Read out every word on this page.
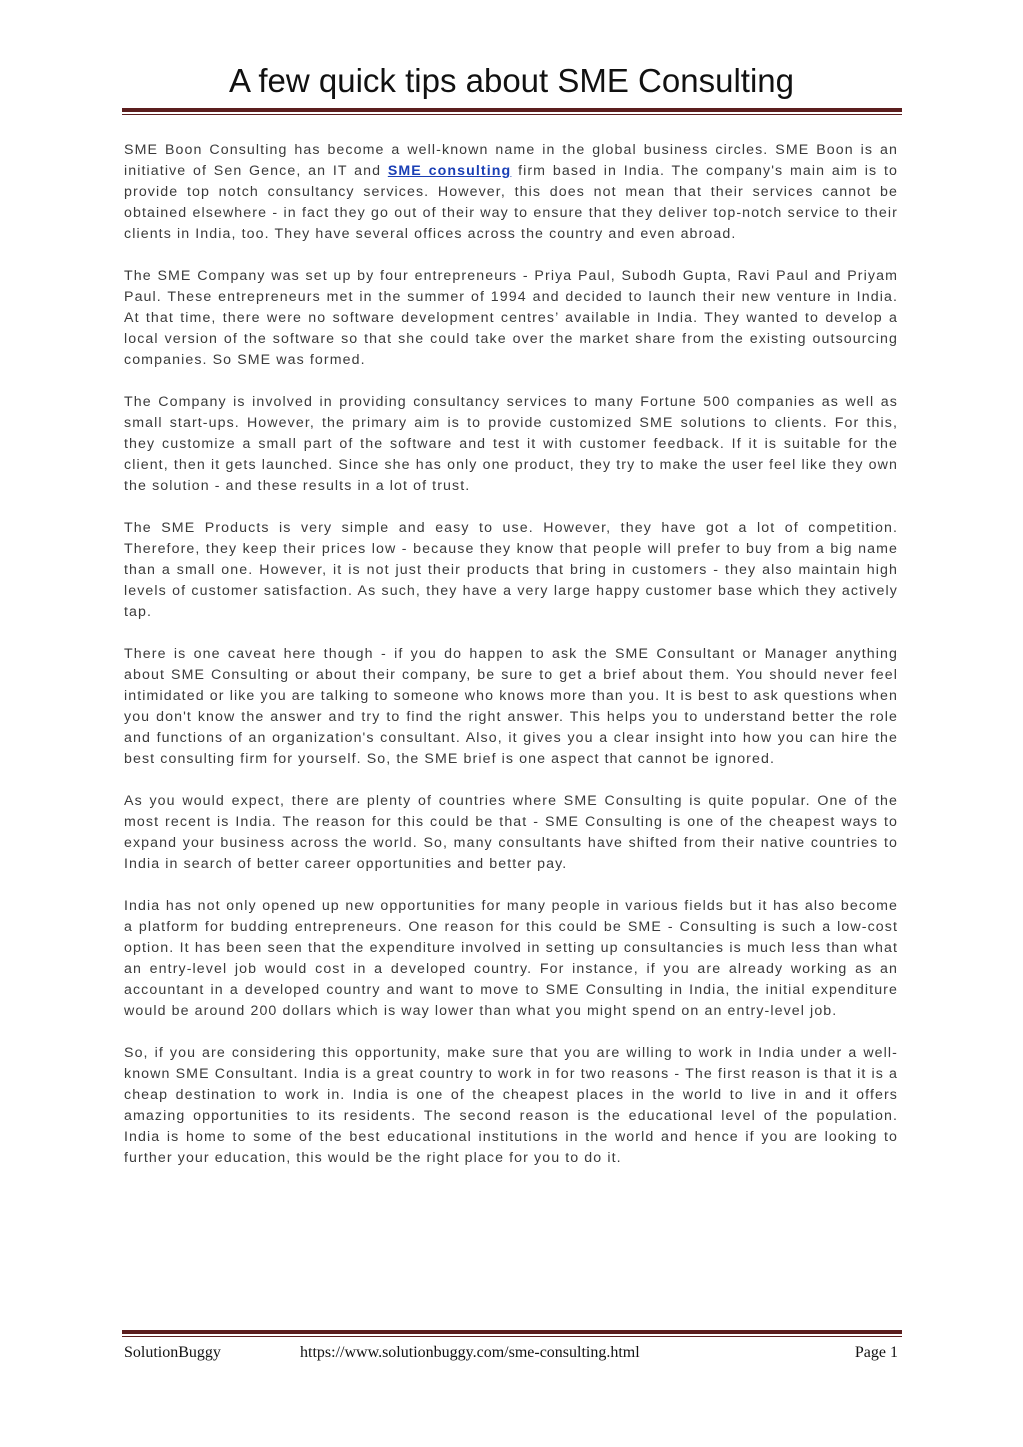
A few quick tips about SME Consulting

SME Boon Consulting has become a well-known name in the global business circles. SME Boon is an initiative of Sen Gence, an IT and SME consulting firm based in India. The company's main aim is to provide top notch consultancy services. However, this does not mean that their services cannot be obtained elsewhere - in fact they go out of their way to ensure that they deliver top-notch service to their clients in India, too. They have several offices across the country and even abroad.

The SME Company was set up by four entrepreneurs - Priya Paul, Subodh Gupta, Ravi Paul and Priyam Paul. These entrepreneurs met in the summer of 1994 and decided to launch their new venture in India. At that time, there were no software development centres’ available in India. They wanted to develop a local version of the software so that she could take over the market share from the existing outsourcing companies. So SME was formed.

The Company is involved in providing consultancy services to many Fortune 500 companies as well as small start-ups. However, the primary aim is to provide customized SME solutions to clients. For this, they customize a small part of the software and test it with customer feedback. If it is suitable for the client, then it gets launched. Since she has only one product, they try to make the user feel like they own the solution - and these results in a lot of trust.

The SME Products is very simple and easy to use. However, they have got a lot of competition. Therefore, they keep their prices low - because they know that people will prefer to buy from a big name than a small one. However, it is not just their products that bring in customers - they also maintain high levels of customer satisfaction. As such, they have a very large happy customer base which they actively tap.

There is one caveat here though - if you do happen to ask the SME Consultant or Manager anything about SME Consulting or about their company, be sure to get a brief about them. You should never feel intimidated or like you are talking to someone who knows more than you. It is best to ask questions when you don't know the answer and try to find the right answer. This helps you to understand better the role and functions of an organization's consultant. Also, it gives you a clear insight into how you can hire the best consulting firm for yourself. So, the SME brief is one aspect that cannot be ignored.

As you would expect, there are plenty of countries where SME Consulting is quite popular. One of the most recent is India. The reason for this could be that - SME Consulting is one of the cheapest ways to expand your business across the world. So, many consultants have shifted from their native countries to India in search of better career opportunities and better pay.

India has not only opened up new opportunities for many people in various fields but it has also become a platform for budding entrepreneurs. One reason for this could be SME - Consulting is such a low-cost option. It has been seen that the expenditure involved in setting up consultancies is much less than what an entry-level job would cost in a developed country. For instance, if you are already working as an accountant in a developed country and want to move to SME Consulting in India, the initial expenditure would be around 200 dollars which is way lower than what you might spend on an entry-level job.

So, if you are considering this opportunity, make sure that you are willing to work in India under a well-known SME Consultant. India is a great country to work in for two reasons - The first reason is that it is a cheap destination to work in. India is one of the cheapest places in the world to live in and it offers amazing opportunities to its residents. The second reason is the educational level of the population. India is home to some of the best educational institutions in the world and hence if you are looking to further your education, this would be the right place for you to do it.

SolutionBuggy	https://www.solutionbuggy.com/sme-consulting.html	Page 1
